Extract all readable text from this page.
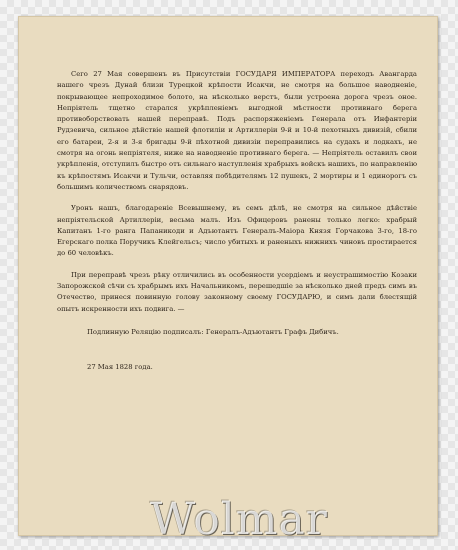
Сего 27 Мая совершенъ въ Присутствіи ГОСУДАРЯ ИМПЕРАТОРА переходъ Авангарда нашего чрезъ Дунай близи Турецкой крѣпости Исакчи, не смотря на большое наводненіе, покрывающее непроходимое болото, на нѣсколько верстъ, были устроена дорога чрезъ оное. Непріятель тщетно старался укрѣпленіемъ выгодной мѣстности противнаго берега противоборствовать нашей переправѣ. Подъ распоряженіемъ Генерала отъ Инфантеріи Рудзевича, сильное дѣйствіе нашей флотиліи и Артиллеріи 9-й и 10-й пехотныхъ дивизій, сбили его батареи, 2-я и 3-я бригады 9-й пѣхотной дивизіи переправились на судахъ и лодкахъ, не смотря на огонь непріятеля, ниже на наводненіе противнаго берега. — Непріятель оставилъ свои укрѣпленія, отступилъ быстро отъ сильнаго наступленія храбрыхъ войскъ нашихъ, по направленію къ крѣпостямъ Исакчи и Тульчи, оставляя побѣдителямъ 12 пушекъ, 2 мортиры и 1 единорогъ съ большимъ количествомъ снарядовъ.

Уронъ нашъ, благодареніе Всевышнему, въ семъ дѣлѣ, не смотря на сильное дѣйствіе непріятельской Артиллеріи, весьма малъ. Изъ Офицеровъ ранены только легко: храбрый Капитанъ 1-го ранга Папаникоди и Адъютантъ Генералъ-Маіора Князя Горчакова 3-го, 18-го Егерскаго полка Поручикъ Клейгельсъ; число убитыхъ и раненыхъ нижнихъ чиновъ простирается до 60 человѣкъ.

При переправѣ чрезъ рѣку отличились въ особенности усердіемъ и неустрашимостію Козаки Запорожской сѣчи съ храбрымъ ихъ Начальникомъ, перешедшіе за нѣсколько дней предъ симъ въ Отечество, принеся повинную голову законному своему ГОСУДАРЮ, и симъ дали блестящій опытъ искренности ихъ подвига. —

Подлинную Реляцію подписалъ: Генералъ-Адъютантъ Графъ Дибичъ.

27 Мая 1828 года.

Wolmar
